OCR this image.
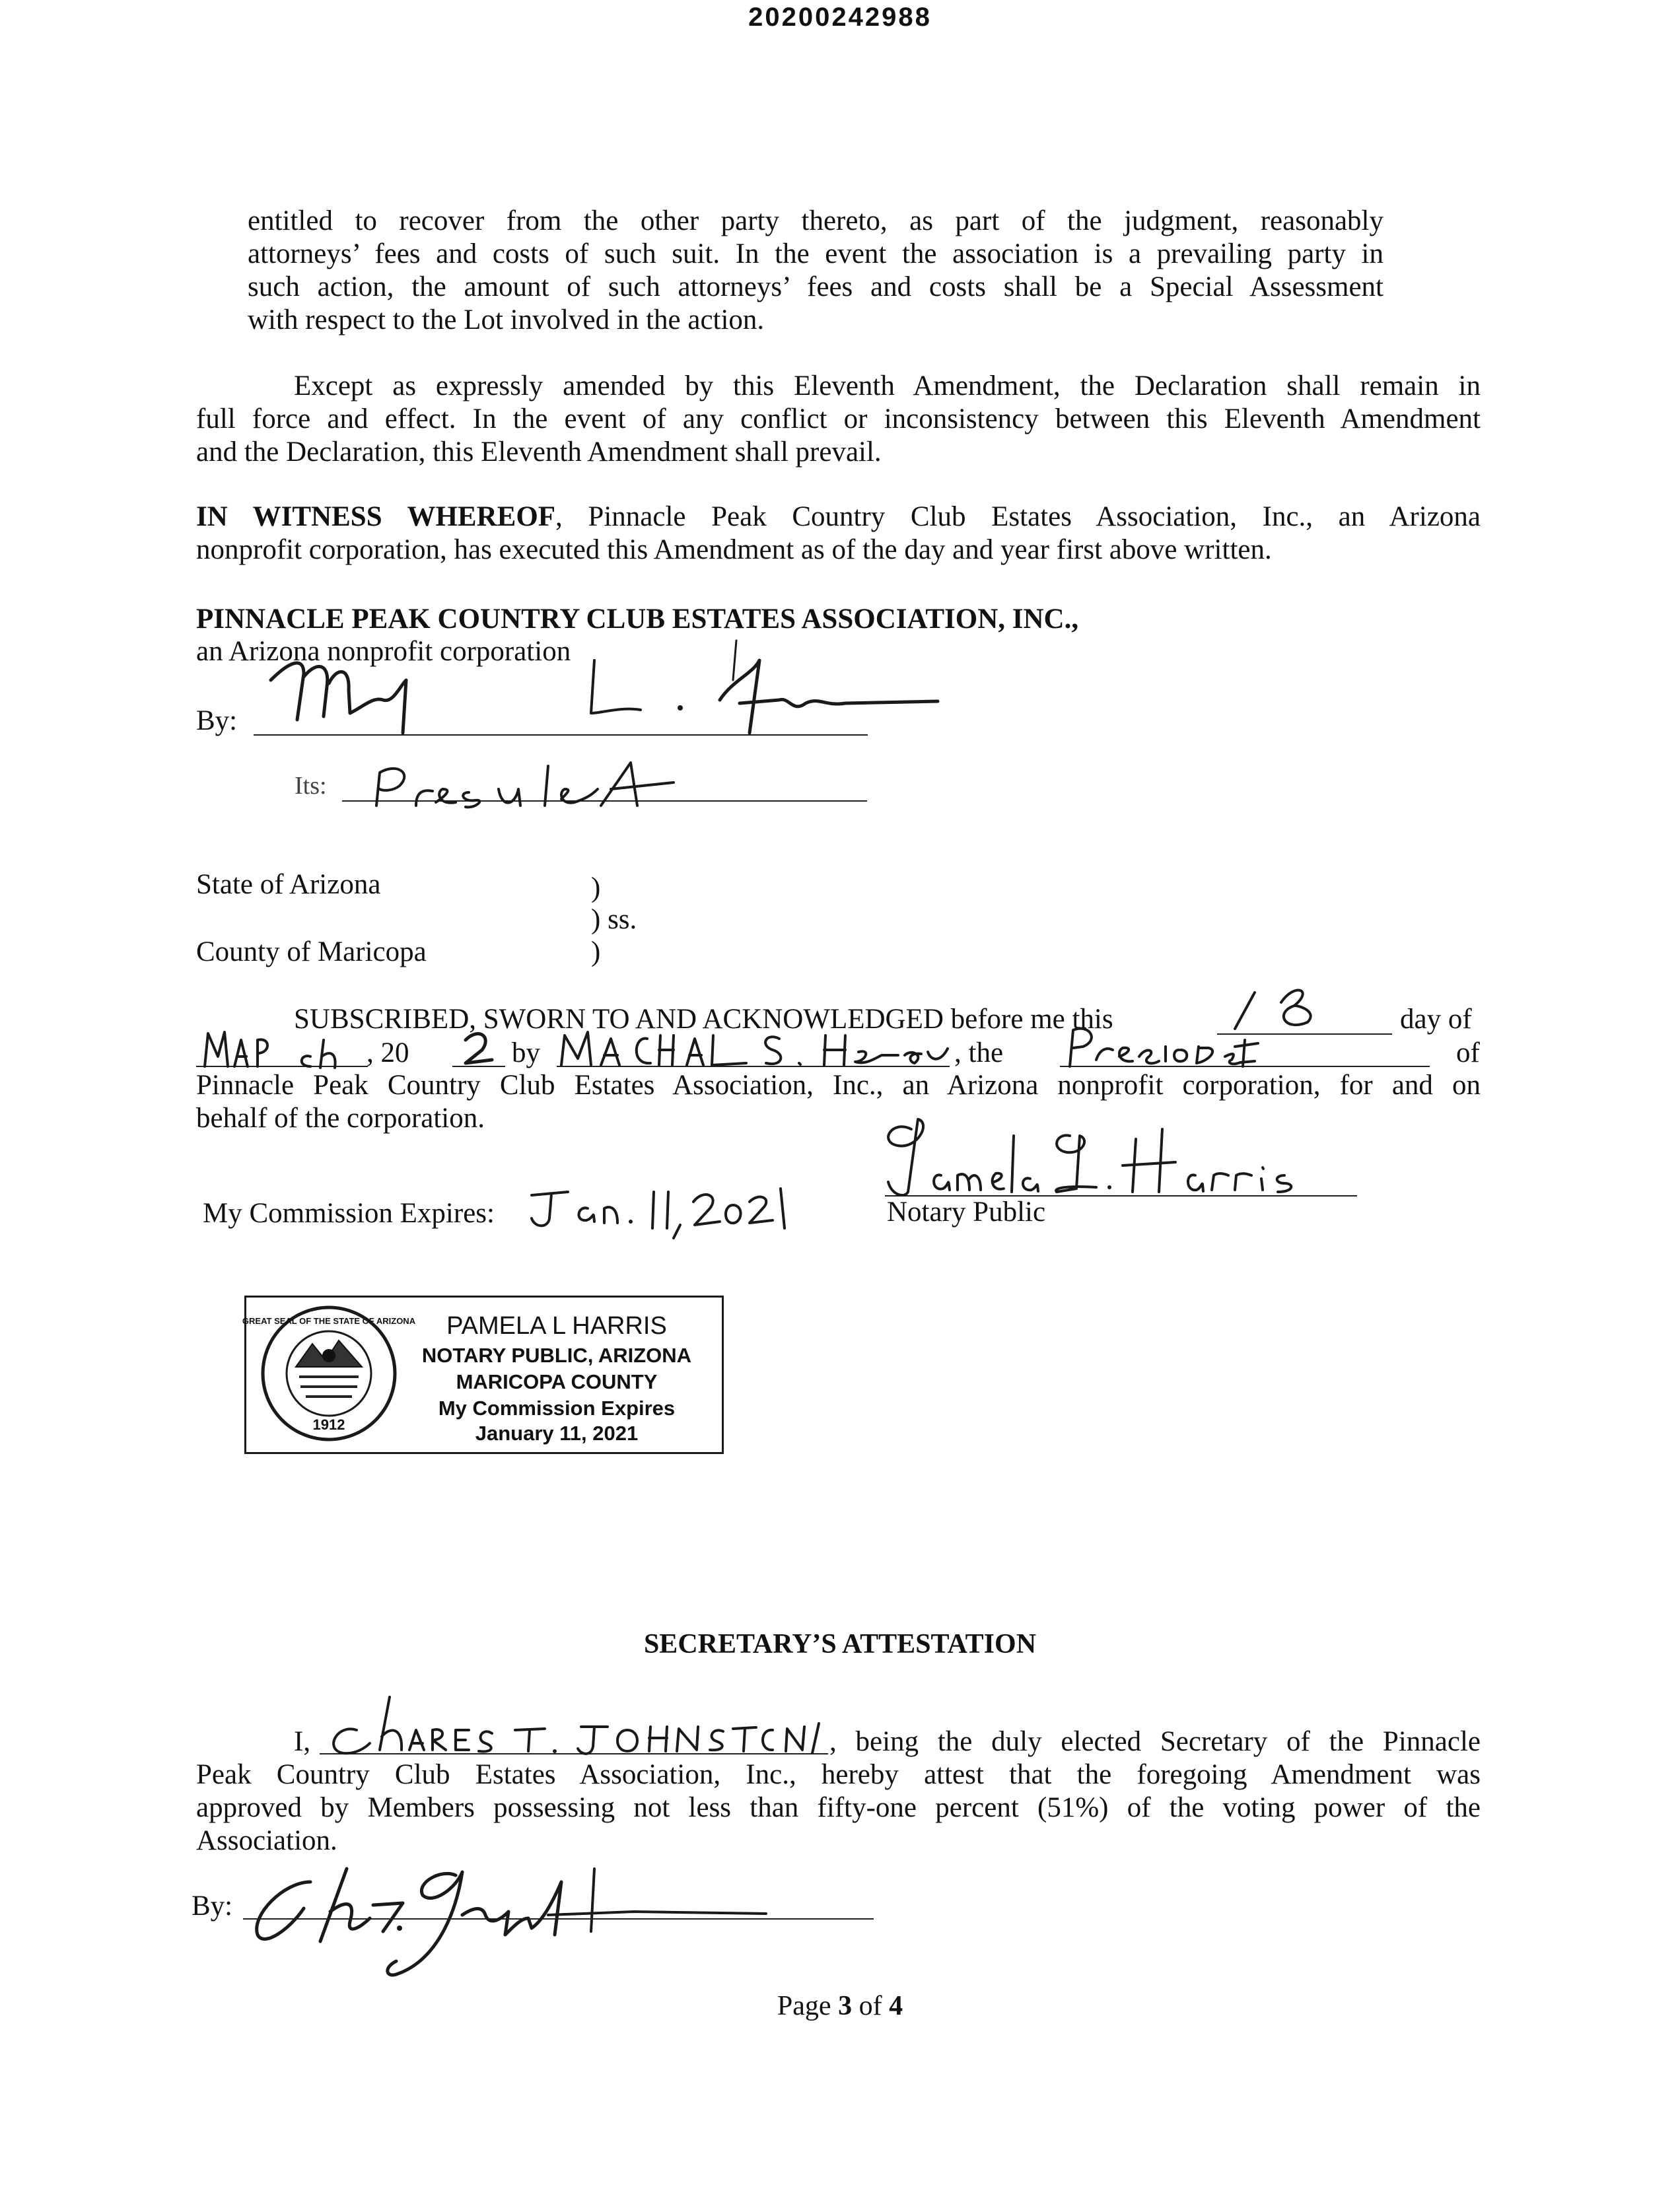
20200242988
entitled to recover from the other party thereto, as part of the judgment, reasonably
attorneys’ fees and costs of such suit. In the event the association is a prevailing party in
such action, the amount of such attorneys’ fees and costs shall be a Special Assessment
with respect to the Lot involved in the action.
Except as expressly amended by this Eleventh Amendment, the Declaration shall remain in
full force and effect. In the event of any conflict or inconsistency between this Eleventh Amendment
and the Declaration, this Eleventh Amendment shall prevail.
IN WITNESS WHEREOF, Pinnacle Peak Country Club Estates Association, Inc., an Arizona
nonprofit corporation, has executed this Amendment as of the day and year first above written.
PINNACLE PEAK COUNTRY CLUB ESTATES ASSOCIATION, INC.,
an Arizona nonprofit corporation
By:
Its:
State of Arizona
County of Maricopa
)
) ss.
)
SUBSCRIBED, SWORN TO AND ACKNOWLEDGED before me this	day of
, 20	by	, the	of
Pinnacle Peak Country Club Estates Association, Inc., an Arizona nonprofit corporation, for and on
behalf of the corporation.
My Commission Expires:	Notary Public
1912
GREAT SEAL OF THE STATE OF ARIZONA	PAMELA L HARRIS
NOTARY PUBLIC, ARIZONA
MARICOPA COUNTY
My Commission Expires
January 11, 2021
SECRETARY’S ATTESTATION
I,	, being the duly elected Secretary of the Pinnacle
Peak Country Club Estates Association, Inc., hereby attest that the foregoing Amendment was
approved by Members possessing not less than fifty-one percent (51%) of the voting power of the
Association.
By:
Page 3 of 4
